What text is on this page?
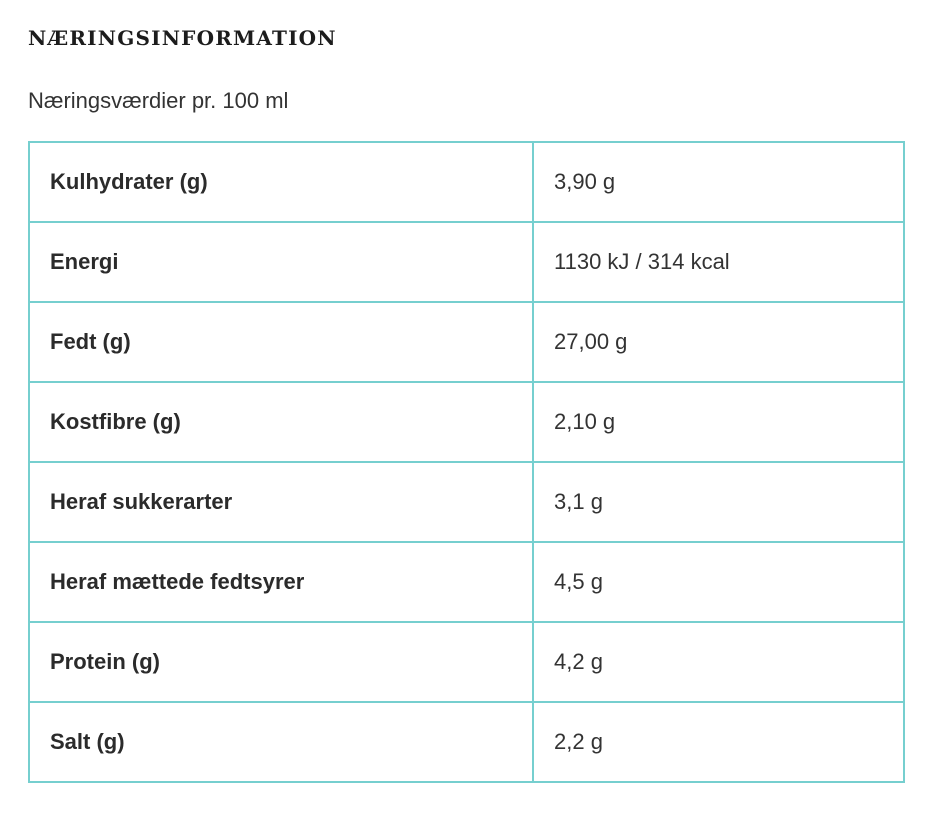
NÆRINGSINFORMATION

Næringsværdier pr. 100 ml

Kulhydrater (g)	3,90 g
Energi	1130 kJ / 314 kcal
Fedt (g)	27,00 g
Kostfibre (g)	2,10 g
Heraf sukkerarter	3,1 g
Heraf mættede fedtsyrer	4,5 g
Protein (g)	4,2 g
Salt (g)	2,2 g
